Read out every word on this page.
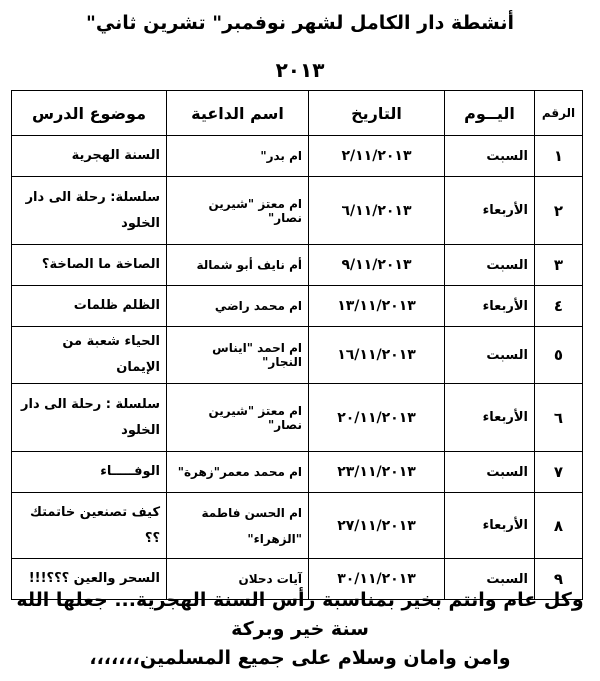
أنشطة دار الكامل لشهر نوفمبر" تشرين ثاني"
٢٠١٣
الرقم	اليــوم	التاريخ	اسم الداعية	موضوع الدرس
١	السبت	٢/١١/٢٠١٣	ام بدر"	السنة الهجرية
٢	الأربعاء	٦/١١/٢٠١٣	ام معتز "شيرين نصار"	سلسلة: رحلة الى دار الخلود
٣	السبت	٩/١١/٢٠١٣	أم نايف أبو شمالة	الصاخة ما الصاخة؟
٤	الأربعاء	١٣/١١/٢٠١٣	ام محمد راضي	الظلم ظلمات
٥	السبت	١٦/١١/٢٠١٣	ام احمد "ايناس النجار"	الحياء شعبة من الإيمان
٦	الأربعاء	٢٠/١١/٢٠١٣	ام معتز "شيرين نصار"	سلسلة : رحلة الى دار الخلود
٧	السبت	٢٣/١١/٢٠١٣	ام محمد معمر"زهرة"	الوفـــــاء
٨	الأربعاء	٢٧/١١/٢٠١٣	ام الحسن فاطمة "الزهراء"	كيف تصنعين خاتمتك ؟؟
٩	السبت	٣٠/١١/٢٠١٣	آيات دحلان	السحر والعين ؟؟؟!!!
وكل عام وانتم بخير بمناسبة رأس السنة الهجرية... جعلها الله
سنة خير وبركة
وامن وامان وسلام على جميع المسلمين،،،،،،،
